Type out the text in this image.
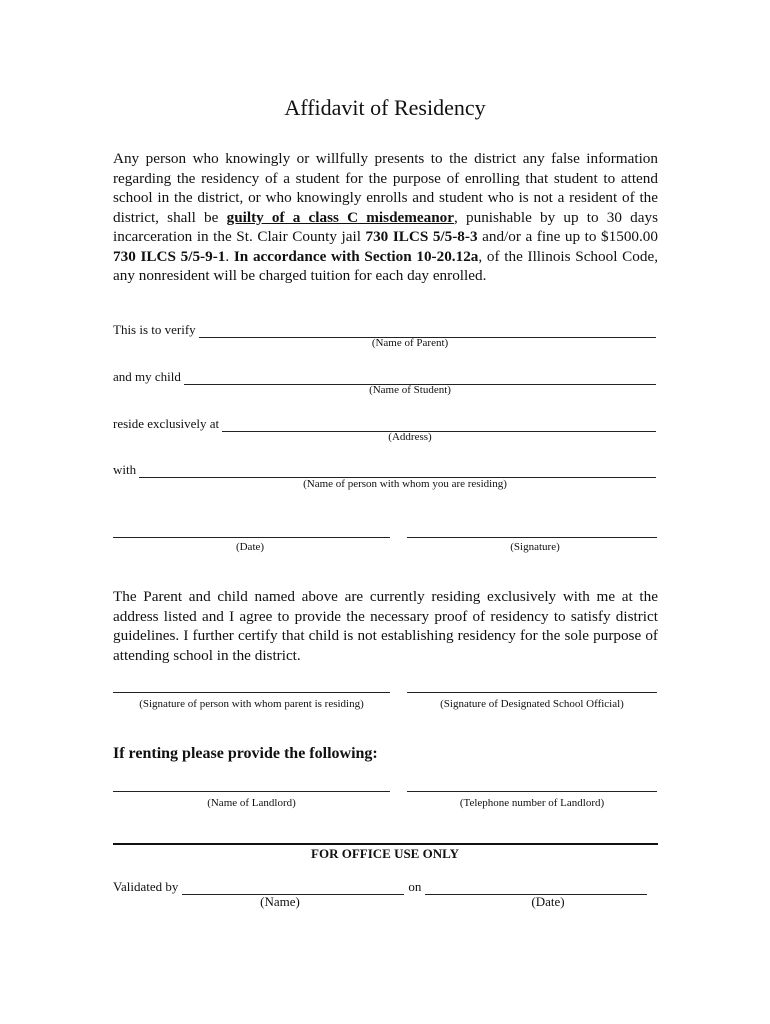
Affidavit of Residency
Any person who knowingly or willfully presents to the district any false information regarding the residency of a student for the purpose of enrolling that student to attend school in the district, or who knowingly enrolls and student who is not a resident of the district, shall be guilty of a class C misdemeanor, punishable by up to 30 days incarceration in the St. Clair County jail 730 ILCS 5/5-8-3 and/or a fine up to $1500.00 730 ILCS 5/5-9-1. In accordance with Section 10-20.12a, of the Illinois School Code, any nonresident will be charged tuition for each day enrolled.
This is to verify
(Name of Parent)
and my child
(Name of Student)
reside exclusively at
(Address)
with
(Name of person with whom you are residing)
(Date)	(Signature)
The Parent and child named above are currently residing exclusively with me at the address listed and I agree to provide the necessary proof of residency to satisfy district guidelines. I further certify that child is not establishing residency for the sole purpose of attending school in the district.
(Signature of person with whom parent is residing)	(Signature of Designated School Official)
If renting please provide the following:
(Name of Landlord)	(Telephone number of Landlord)
FOR OFFICE USE ONLY
Validated by	on
(Name)	(Date)
